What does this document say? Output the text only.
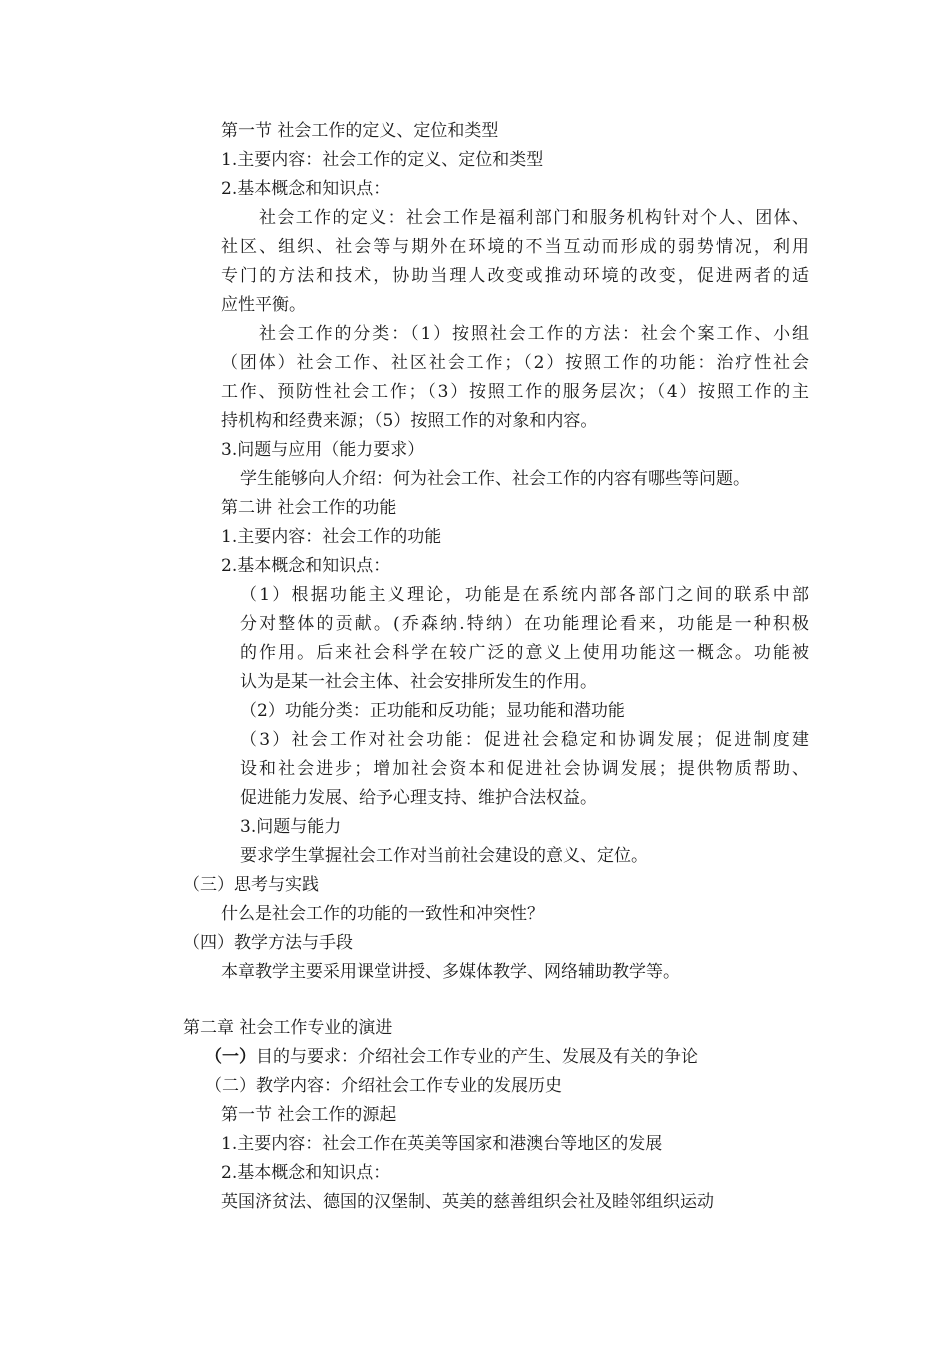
第一节 社会工作的定义、定位和类型
1.主要内容：社会工作的定义、定位和类型
2.基本概念和知识点：
社会工作的定义：社会工作是福利部门和服务机构针对个人、团体、
社区、组织、社会等与期外在环境的不当互动而形成的弱势情况，利用
专门的方法和技术，协助当理人改变或推动环境的改变，促进两者的适
应性平衡。
社会工作的分类：（1）按照社会工作的方法：社会个案工作、小组
（团体）社会工作、社区社会工作；（2）按照工作的功能：治疗性社会
工作、预防性社会工作；（3）按照工作的服务层次；（4）按照工作的主
持机构和经费来源；（5）按照工作的对象和内容。
3.问题与应用（能力要求）
学生能够向人介绍：何为社会工作、社会工作的内容有哪些等问题。
第二讲 社会工作的功能
1.主要内容：社会工作的功能
2.基本概念和知识点：
（1）根据功能主义理论，功能是在系统内部各部门之间的联系中部
分对整体的贡献。(乔森纳.特纳）在功能理论看来，功能是一种积极
的作用。后来社会科学在较广泛的意义上使用功能这一概念。功能被
认为是某一社会主体、社会安排所发生的作用。
（2）功能分类：正功能和反功能；显功能和潜功能
（3）社会工作对社会功能：促进社会稳定和协调发展；促进制度建
设和社会进步；增加社会资本和促进社会协调发展；提供物质帮助、
促进能力发展、给予心理支持、维护合法权益。
3.问题与能力
要求学生掌握社会工作对当前社会建设的意义、定位。
（三）思考与实践
什么是社会工作的功能的一致性和冲突性？
（四）教学方法与手段
本章教学主要采用课堂讲授、多媒体教学、网络辅助教学等。
第二章 社会工作专业的演进
（一）目的与要求：介绍社会工作专业的产生、发展及有关的争论
（二）教学内容：介绍社会工作专业的发展历史
第一节 社会工作的源起
1.主要内容：社会工作在英美等国家和港澳台等地区的发展
2.基本概念和知识点：
英国济贫法、德国的汉堡制、英美的慈善组织会社及睦邻组织运动
